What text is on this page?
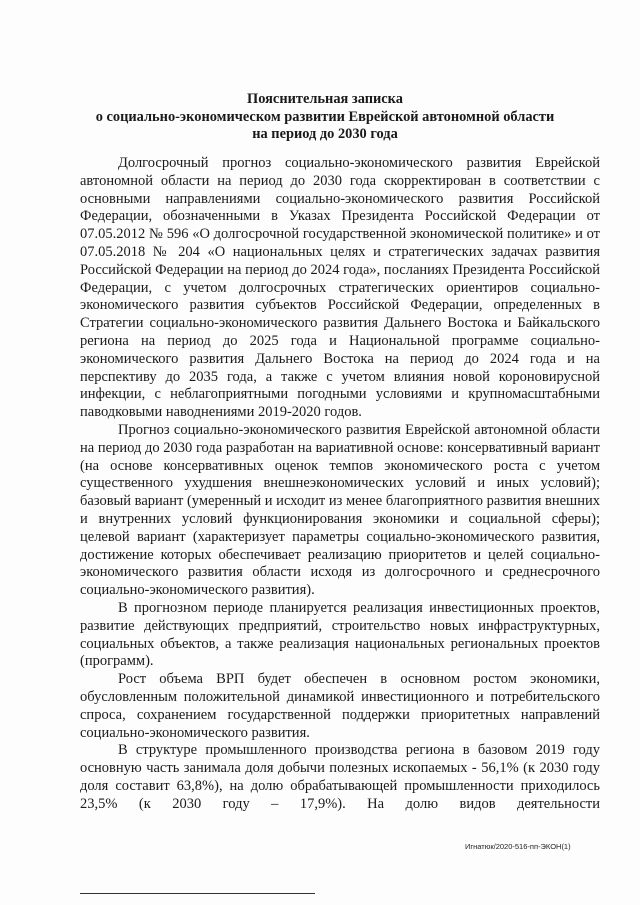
Пояснительная записка
о социально-экономическом развитии Еврейской автономной области
на период до 2030 года

Долгосрочный прогноз социально-экономического развития Еврейской автономной области на период до 2030 года скорректирован в соответствии с основными направлениями социально-экономического развития Российской Федерации, обозначенными в Указах Президента Российской Федерации от 07.05.2012 № 596 «О долгосрочной государственной экономической политике» и от 07.05.2018 № 204 «О национальных целях и стратегических задачах развития Российской Федерации на период до 2024 года», посланиях Президента Российской Федерации, с учетом долгосрочных стратегических ориентиров социально-экономического развития субъектов Российской Федерации, определенных в Стратегии социально-экономического развития Дальнего Востока и Байкальского региона на период до 2025 года и Национальной программе социально-экономического развития Дальнего Востока на период до 2024 года и на перспективу до 2035 года, а также с учетом влияния новой короновирусной инфекции, с неблагоприятными погодными условиями и крупномасштабными паводковыми наводнениями 2019-2020 годов.

Прогноз социально-экономического развития Еврейской автономной области на период до 2030 года разработан на вариативной основе: консервативный вариант (на основе консервативных оценок темпов экономического роста с учетом существенного ухудшения внешнеэкономических условий и иных условий); базовый вариант (умеренный и исходит из менее благоприятного развития внешних и внутренних условий функционирования экономики и социальной сферы); целевой вариант (характеризует параметры социально-экономического развития, достижение которых обеспечивает реализацию приоритетов и целей социально-экономического развития области исходя из долгосрочного и среднесрочного социально-экономического развития).

В прогнозном периоде планируется реализация инвестиционных проектов, развитие действующих предприятий, строительство новых инфраструктурных, социальных объектов, а также реализация национальных региональных проектов (программ).

Рост объема ВРП будет обеспечен в основном ростом экономики, обусловленным положительной динамикой инвестиционного и потребительского спроса, сохранением государственной поддержки приоритетных направлений социально-экономического развития.

В структуре промышленного производства региона в базовом 2019 году основную часть занимала доля добычи полезных ископаемых - 56,1% (к 2030 году доля составит 63,8%), на долю обрабатывающей промышленности приходилось 23,5% (к 2030 году – 17,9%). На долю видов деятельности

Игнатюк/2020-516-пп-ЭКОН(1)
